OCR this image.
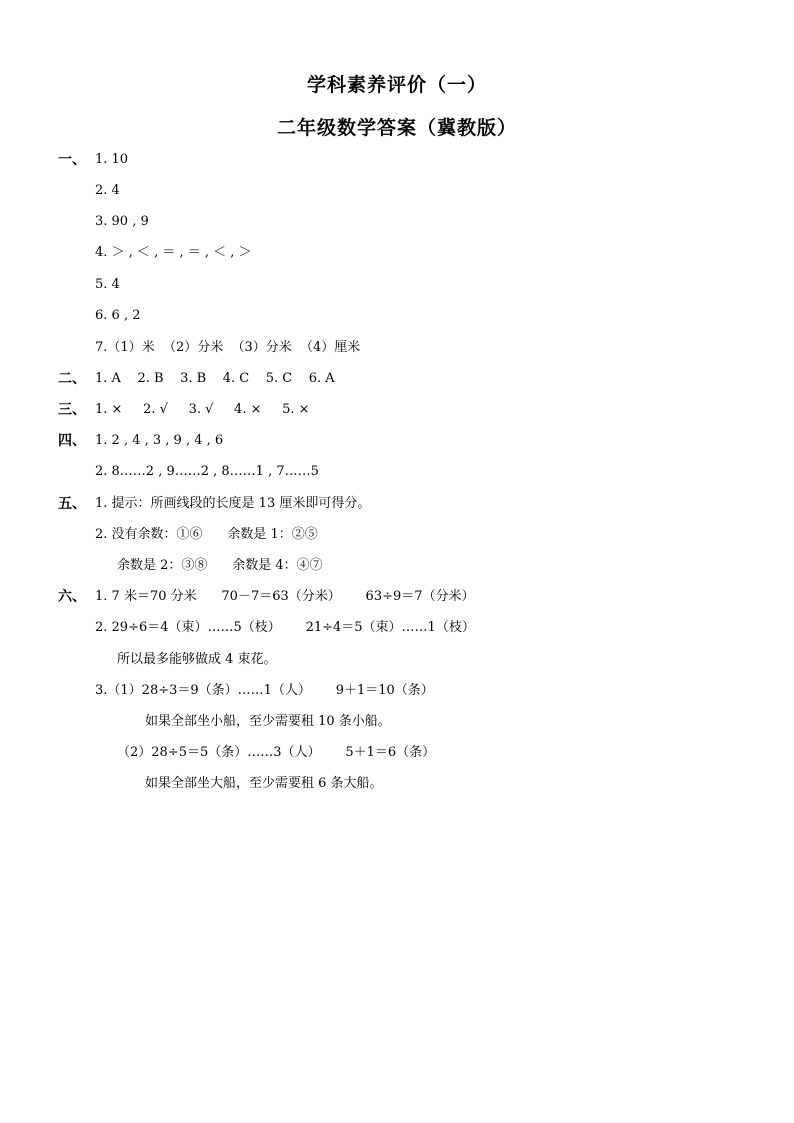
学科素养评价（一）
二年级数学答案（冀教版）
一、 1. 10
2. 4
3. 90 , 9
4. ＞ , ＜ , ＝ , ＝ , ＜ , ＞
5. 4
6. 6 , 2
7.（1）米  （2）分米  （3）分米  （4）厘米
二、 1. A    2. B    3. B    4. C    5. C    6. A
三、 1. ×     2. √     3. √     4. ×     5. ×
四、 1. 2 , 4 , 3 , 9 , 4 , 6
2. 8……2 , 9……2 , 8……1 , 7……5
五、 1. 提示：所画线段的长度是 13 厘米即可得分。
2. 没有余数：①⑥      余数是 1：②⑤
余数是 2：③⑧      余数是 4：④⑦
六、 1. 7 米＝70 分米      70－7＝63（分米）      63÷9＝7（分米）
2. 29÷6＝4（束）……5（枝）      21÷4＝5（束）……1（枝）
所以最多能够做成 4 束花。
3.（1）28÷3＝9（条）……1（人）      9＋1＝10（条）
如果全部坐小船，至少需要租 10 条小船。
（2）28÷5＝5（条）……3（人）      5＋1＝6（条）
如果全部坐大船，至少需要租 6 条大船。
